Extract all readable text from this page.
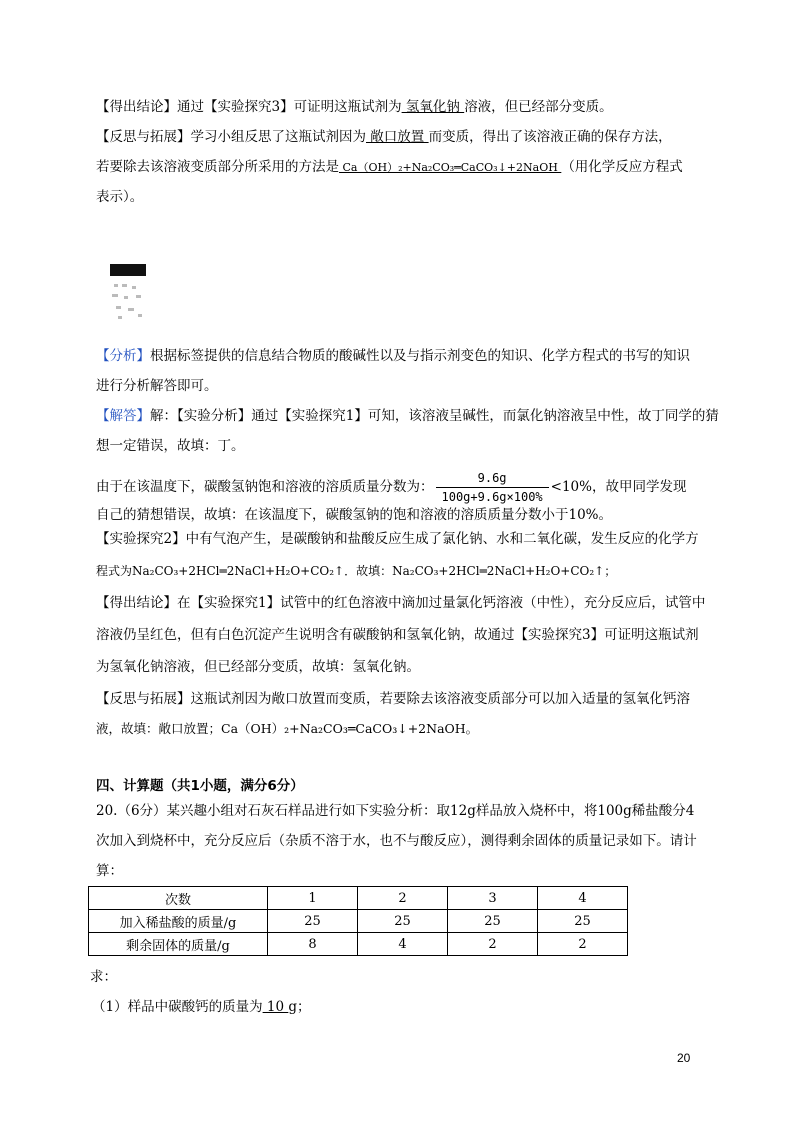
【得出结论】通过【实验探究3】可证明这瓶试剂为 氢氧化钠 溶液，但已经部分变质。
【反思与拓展】学习小组反思了这瓶试剂因为 敞口放置 而变质，得出了该溶液正确的保存方法，
若要除去该溶液变质部分所采用的方法是 Ca（OH）₂+Na₂CO₃═CaCO₃↓+2NaOH （用化学反应方程式
表示）。
【分析】根据标签提供的信息结合物质的酸碱性以及与指示剂变色的知识、化学方程式的书写的知识
进行分析解答即可。
【解答】解：【实验分析】通过【实验探究1】可知，该溶液呈碱性，而氯化钠溶液呈中性，故丁同学的猜
想一定错误，故填：丁。
由于在该温度下，碳酸氢钠饱和溶液的溶质质量分数为： $\frac{9.6g}{100g+9.6g\times 100\%} <10\%$，故甲同学发现
自己的猜想错误，故填：在该温度下，碳酸氢钠的饱和溶液的溶质质量分数小于10%。
【实验探究2】中有气泡产生，是碳酸钠和盐酸反应生成了氯化钠、水和二氧化碳，发生反应的化学方
程式为Na₂CO₃+2HCl═2NaCl+H₂O+CO₂↑．故填：Na₂CO₃+2HCl═2NaCl+H₂O+CO₂↑；
【得出结论】在【实验探究1】试管中的红色溶液中滴加过量氯化钙溶液（中性），充分反应后，试管中
溶液仍呈红色，但有白色沉淀产生说明含有碳酸钠和氢氧化钠，故通过【实验探究3】可证明这瓶试剂
为氢氧化钠溶液，但已经部分变质，故填：氢氧化钠。
【反思与拓展】这瓶试剂因为敞口放置而变质，若要除去该溶液变质部分可以加入适量的氢氧化钙溶
液，故填：敞口放置；Ca（OH）₂+Na₂CO₃═CaCO₃↓+2NaOH。
四、计算题（共1小题，满分6分）
20.（6分）某兴趣小组对石灰石样品进行如下实验分析：取12g样品放入烧杯中，将100g稀盐酸分4
次加入到烧杯中，充分反应后（杂质不溶于水，也不与酸反应），测得剩余固体的质量记录如下。请计
算：
次数	1	2	3	4
加入稀盐酸的质量/g	25	25	25	25
剩余固体的质量/g	8	4	2	2
求：
（1）样品中碳酸钙的质量为 10 g；
20
